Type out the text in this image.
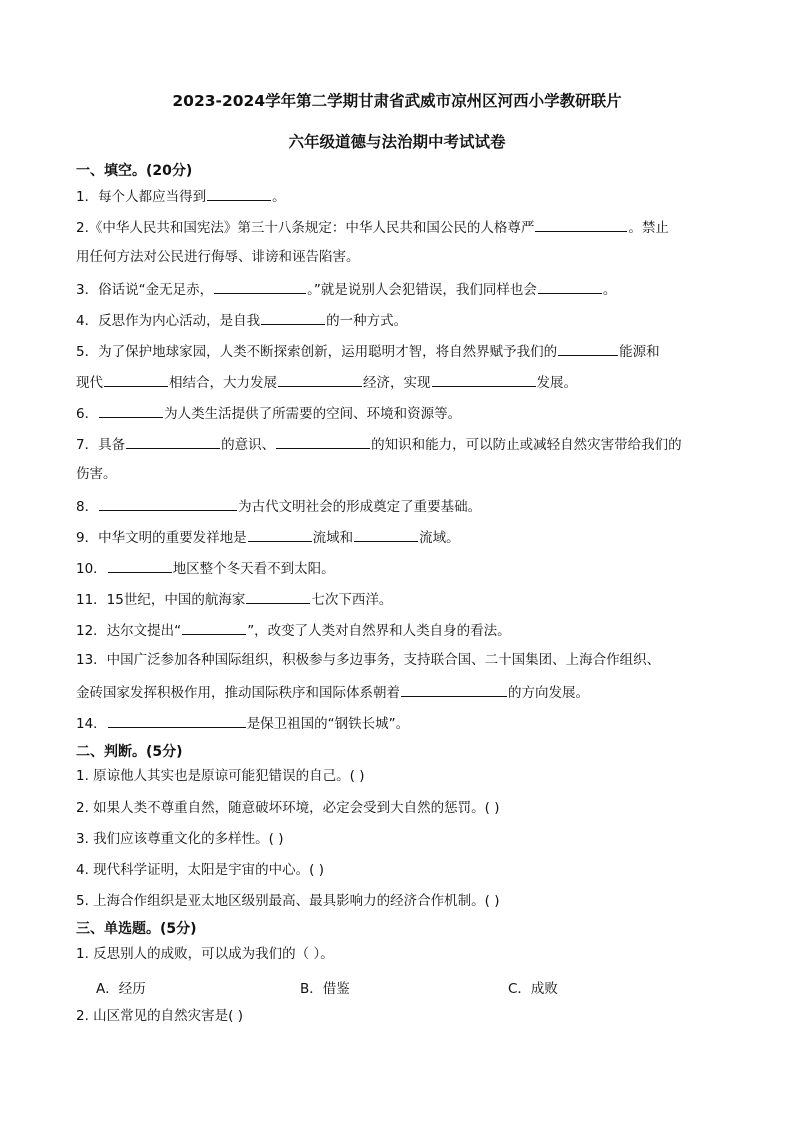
2023-2024学年第二学期甘肃省武威市凉州区河西小学教研联片
六年级道德与法治期中考试试卷
一、填空。(20分)
1．每个人都应当得到	。
2.《中华人民共和国宪法》第三十八条规定：中华人民共和国公民的人格尊严	。禁止
用任何方法对公民进行侮辱、诽谤和诬告陷害。
3．俗话说“金无足赤，	。”就是说别人会犯错误，我们同样也会	。
4．反思作为内心活动，是自我	的一种方式。
5．为了保护地球家园，人类不断探索创新，运用聪明才智，将自然界赋予我们的	能源和
现代	相结合，大力发展	经济，实现	发展。
6．	为人类生活提供了所需要的空间、环境和资源等。
7．具备	的意识、	的知识和能力，可以防止或减轻自然灾害带给我们的
伤害。
8．	为古代文明社会的形成奠定了重要基础。
9．中华文明的重要发祥地是	流域和	流域。
10．	地区整个冬天看不到太阳。
11．15世纪，中国的航海家	七次下西洋。
12．达尔文提出“	”，改变了人类对自然界和人类自身的看法。
13．中国广泛参加各种国际组织，积极参与多边事务，支持联合国、二十国集团、上海合作组织、
金砖国家发挥积极作用，推动国际秩序和国际体系朝着	的方向发展。
14．	是保卫祖国的“钢铁长城”。
二、判断。(5分)
1. 原谅他人其实也是原谅可能犯错误的自己。( )
2. 如果人类不尊重自然，随意破坏环境，必定会受到大自然的惩罚。( )
3. 我们应该尊重文化的多样性。( )
4. 现代科学证明，太阳是宇宙的中心。( )
5. 上海合作组织是亚太地区级别最高、最具影响力的经济合作机制。( )
三、单选题。(5分)
1. 反思别人的成败，可以成为我们的（ ）。
A．经历	B．借鉴	C．成败
2. 山区常见的自然灾害是( )
